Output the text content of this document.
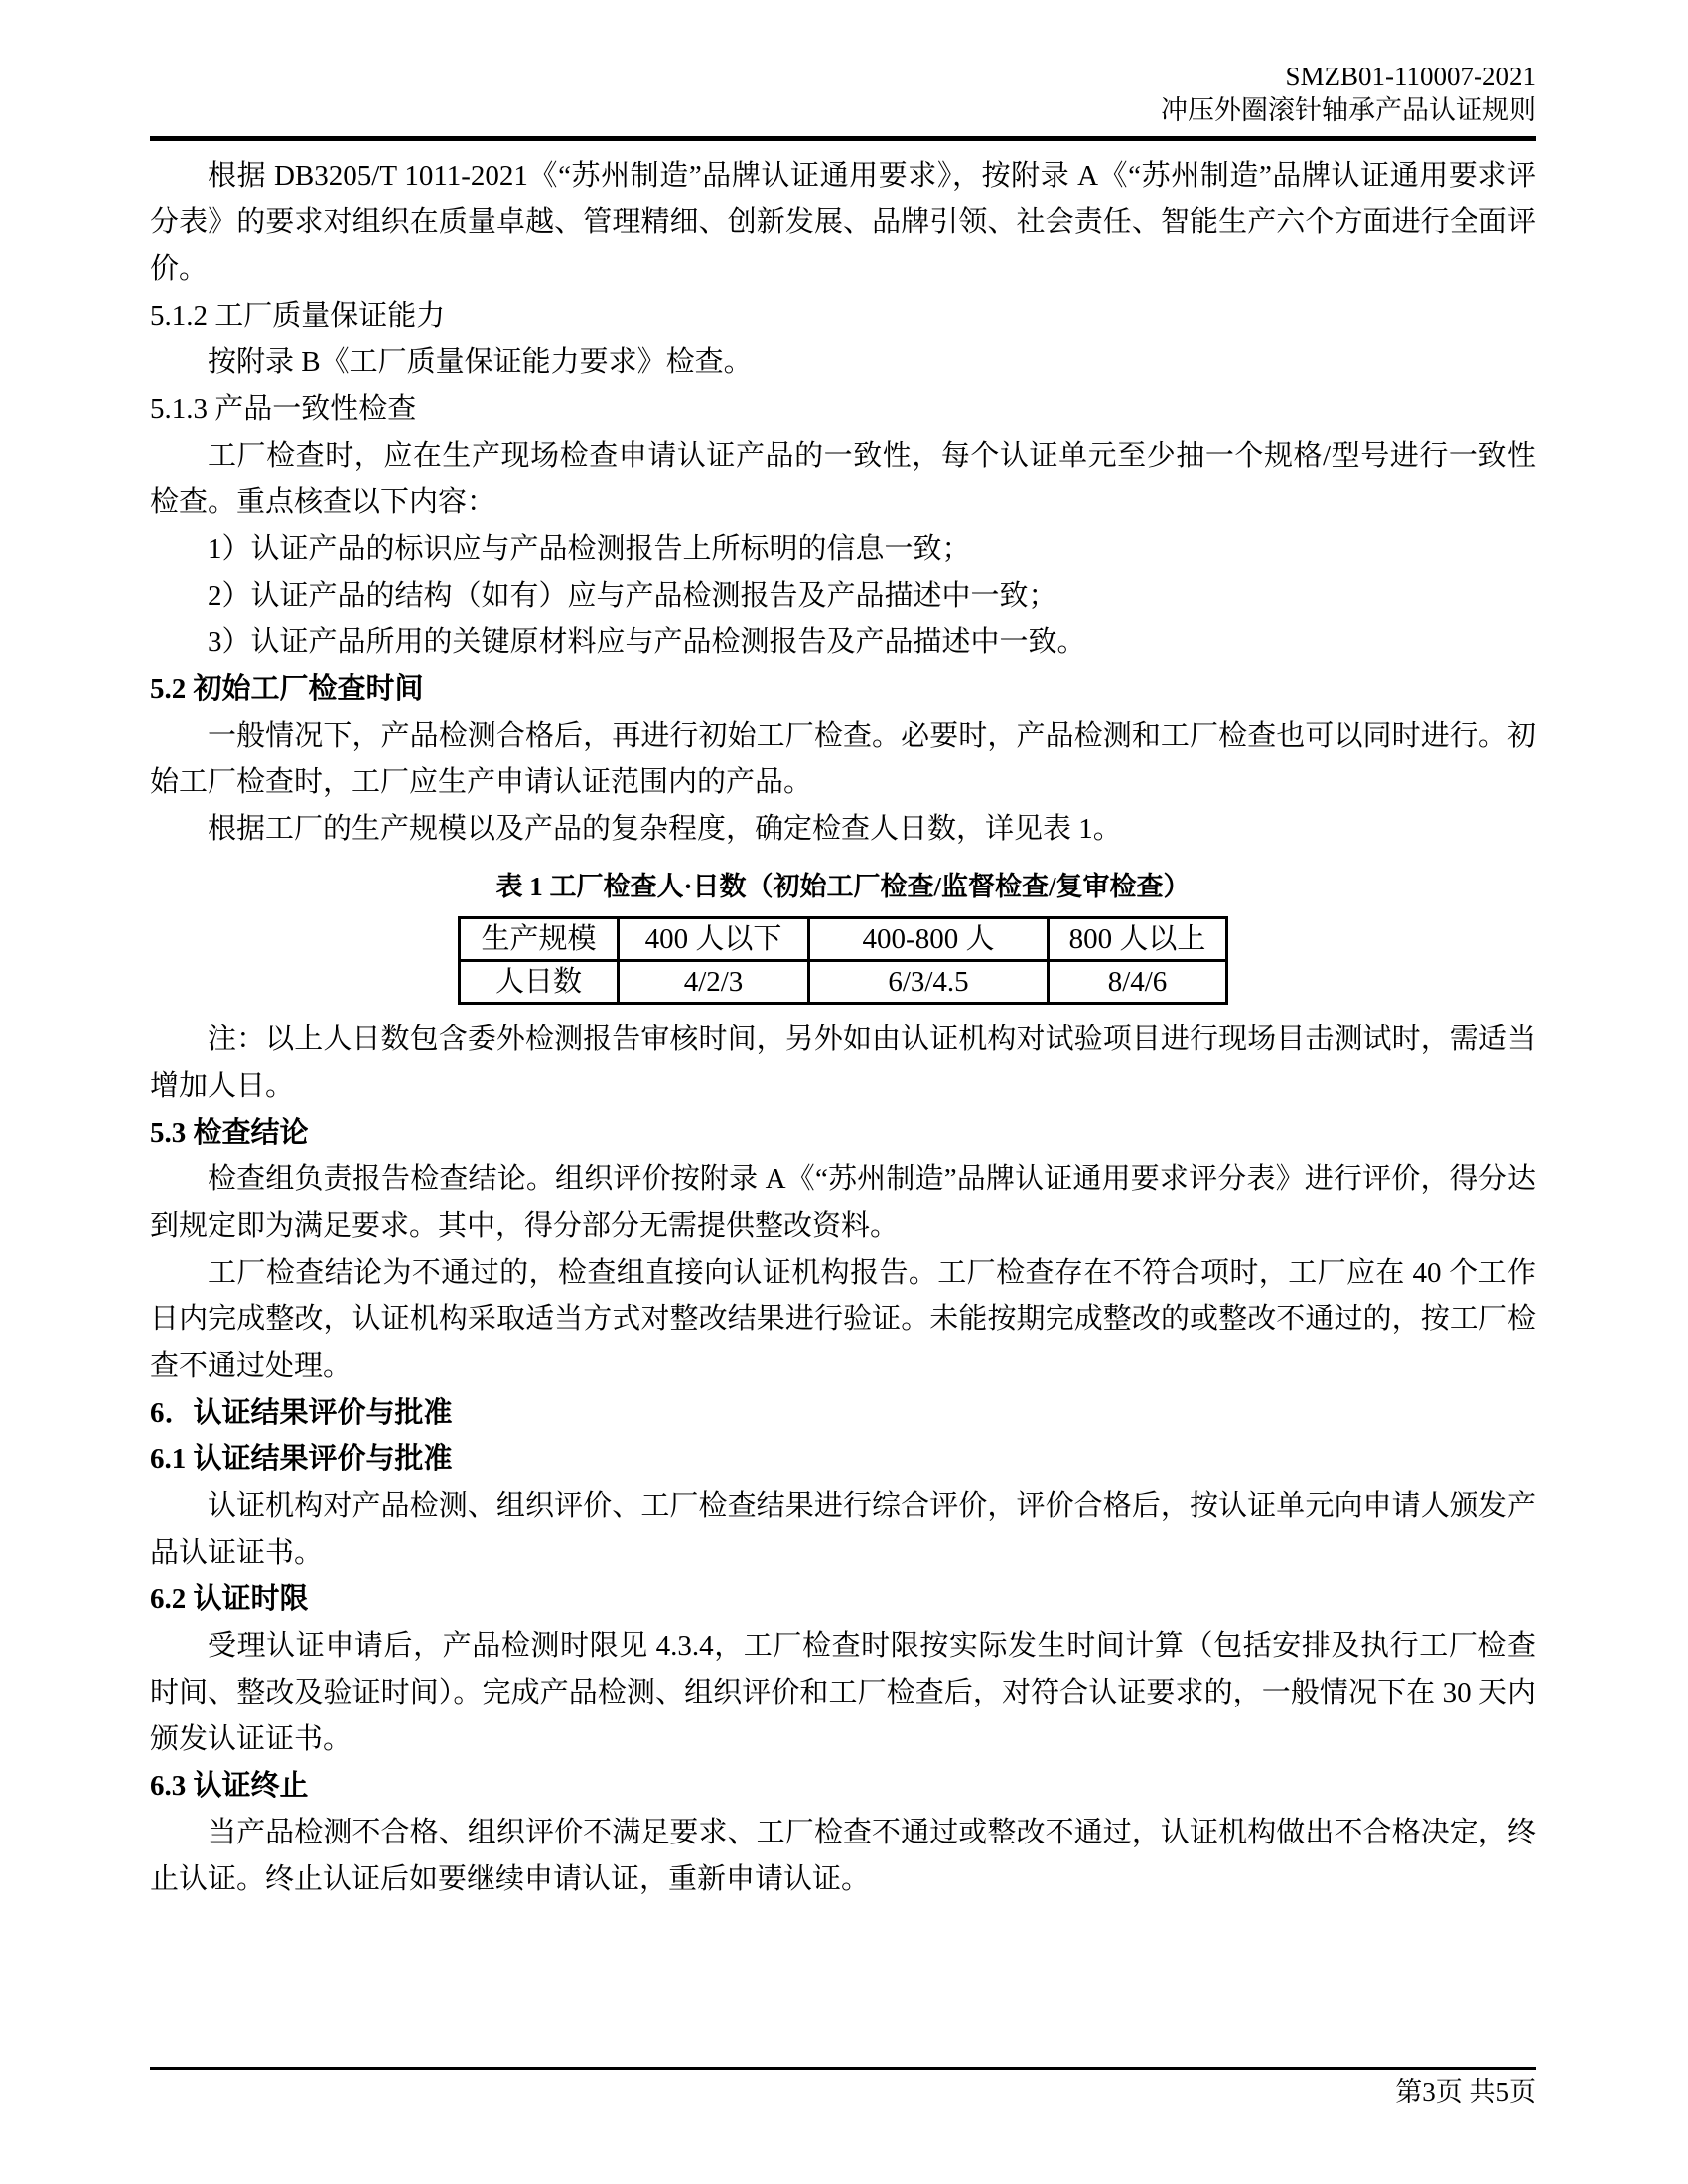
SMZB01-110007-2021
冲压外圈滚针轴承产品认证规则

根据 DB3205/T 1011-2021《“苏州制造”品牌认证通用要求》，按附录 A《“苏州制造”品牌认证通用要求评分表》的要求对组织在质量卓越、管理精细、创新发展、品牌引领、社会责任、智能生产六个方面进行全面评价。

5.1.2 工厂质量保证能力

按附录 B《工厂质量保证能力要求》检查。

5.1.3 产品一致性检查

工厂检查时，应在生产现场检查申请认证产品的一致性，每个认证单元至少抽一个规格/型号进行一致性检查。重点核查以下内容：

1）认证产品的标识应与产品检测报告上所标明的信息一致；

2）认证产品的结构（如有）应与产品检测报告及产品描述中一致；

3）认证产品所用的关键原材料应与产品检测报告及产品描述中一致。

5.2 初始工厂检查时间

一般情况下，产品检测合格后，再进行初始工厂检查。必要时，产品检测和工厂检查也可以同时进行。初始工厂检查时，工厂应生产申请认证范围内的产品。

根据工厂的生产规模以及产品的复杂程度，确定检查人日数，详见表 1。

表 1 工厂检查人·日数（初始工厂检查/监督检查/复审检查）
生产规模	400 人以下	400-800 人	800 人以上
人日数	4/2/3	6/3/4.5	8/4/6

注：以上人日数包含委外检测报告审核时间，另外如由认证机构对试验项目进行现场目击测试时，需适当增加人日。

5.3 检查结论

检查组负责报告检查结论。组织评价按附录 A《“苏州制造”品牌认证通用要求评分表》进行评价，得分达到规定即为满足要求。其中，得分部分无需提供整改资料。

工厂检查结论为不通过的，检查组直接向认证机构报告。工厂检查存在不符合项时，工厂应在 40 个工作日内完成整改，认证机构采取适当方式对整改结果进行验证。未能按期完成整改的或整改不通过的，按工厂检查不通过处理。

6．认证结果评价与批准

6.1 认证结果评价与批准

认证机构对产品检测、组织评价、工厂检查结果进行综合评价，评价合格后，按认证单元向申请人颁发产品认证证书。

6.2 认证时限

受理认证申请后，产品检测时限见 4.3.4，工厂检查时限按实际发生时间计算（包括安排及执行工厂检查时间、整改及验证时间）。完成产品检测、组织评价和工厂检查后，对符合认证要求的，一般情况下在 30 天内颁发认证证书。

6.3 认证终止

当产品检测不合格、组织评价不满足要求、工厂检查不通过或整改不通过，认证机构做出不合格决定，终止认证。终止认证后如要继续申请认证，重新申请认证。

第3页 共5页
